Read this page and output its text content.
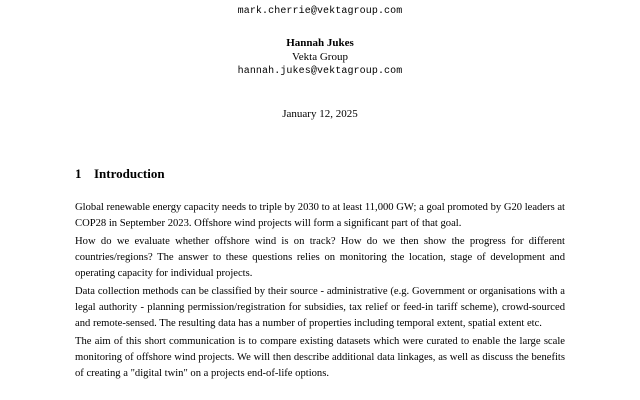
mark.cherrie@vektagroup.com
Hannah Jukes
Vekta Group
hannah.jukes@vektagroup.com
January 12, 2025
1 Introduction

Global renewable energy capacity needs to triple by 2030 to at least 11,000 GW; a goal promoted by G20 leaders at COP28 in September 2023. Offshore wind projects will form a significant part of that goal.

How do we evaluate whether offshore wind is on track? How do we then show the progress for different countries/regions? The answer to these questions relies on monitoring the location, stage of development and operating capacity for individual projects.

Data collection methods can be classified by their source - administrative (e.g. Government or organisations with a legal authority - planning permission/registration for subsidies, tax relief or feed-in tariff scheme), crowd-sourced and remote-sensed. The resulting data has a number of properties including temporal extent, spatial extent etc.

The aim of this short communication is to compare existing datasets which were curated to enable the large scale monitoring of offshore wind projects. We will then describe additional data linkages, as well as discuss the benefits of creating a "digital twin" on a projects end-of-life options.
